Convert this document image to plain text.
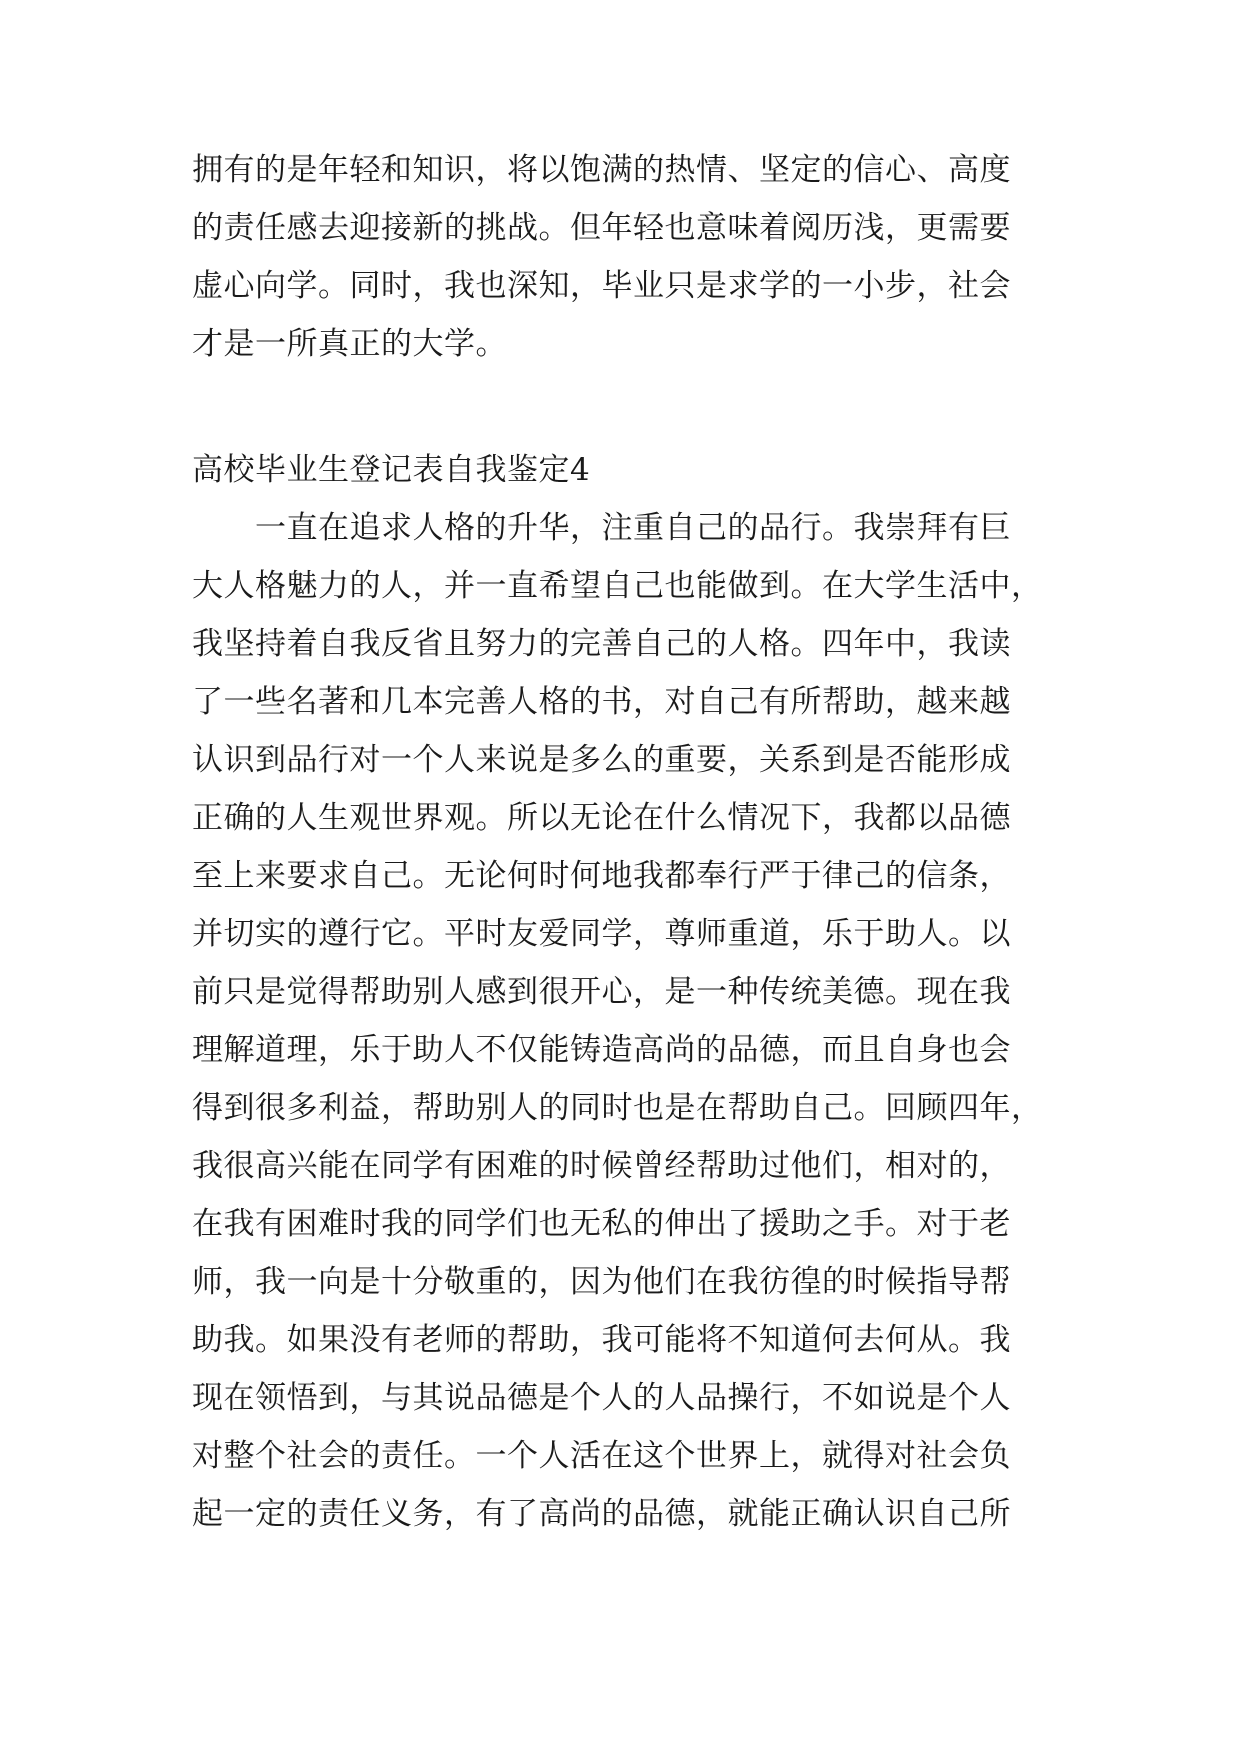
拥有的是年轻和知识，将以饱满的热情、坚定的信心、高度
的责任感去迎接新的挑战。但年轻也意味着阅历浅，更需要
虚心向学。同时，我也深知，毕业只是求学的一小步，社会
才是一所真正的大学。
高校毕业生登记表自我鉴定4
　　一直在追求人格的升华，注重自己的品行。我崇拜有巨
大人格魅力的人，并一直希望自己也能做到。在大学生活中，
我坚持着自我反省且努力的完善自己的人格。四年中，我读
了一些名著和几本完善人格的书，对自己有所帮助，越来越
认识到品行对一个人来说是多么的重要，关系到是否能形成
正确的人生观世界观。所以无论在什么情况下，我都以品德
至上来要求自己。无论何时何地我都奉行严于律己的信条，
并切实的遵行它。平时友爱同学，尊师重道，乐于助人。以
前只是觉得帮助别人感到很开心，是一种传统美德。现在我
理解道理，乐于助人不仅能铸造高尚的品德，而且自身也会
得到很多利益，帮助别人的同时也是在帮助自己。回顾四年，
我很高兴能在同学有困难的时候曾经帮助过他们，相对的，
在我有困难时我的同学们也无私的伸出了援助之手。对于老
师，我一向是十分敬重的，因为他们在我彷徨的时候指导帮
助我。如果没有老师的帮助，我可能将不知道何去何从。我
现在领悟到，与其说品德是个人的人品操行，不如说是个人
对整个社会的责任。一个人活在这个世界上，就得对社会负
起一定的责任义务，有了高尚的品德，就能正确认识自己所
